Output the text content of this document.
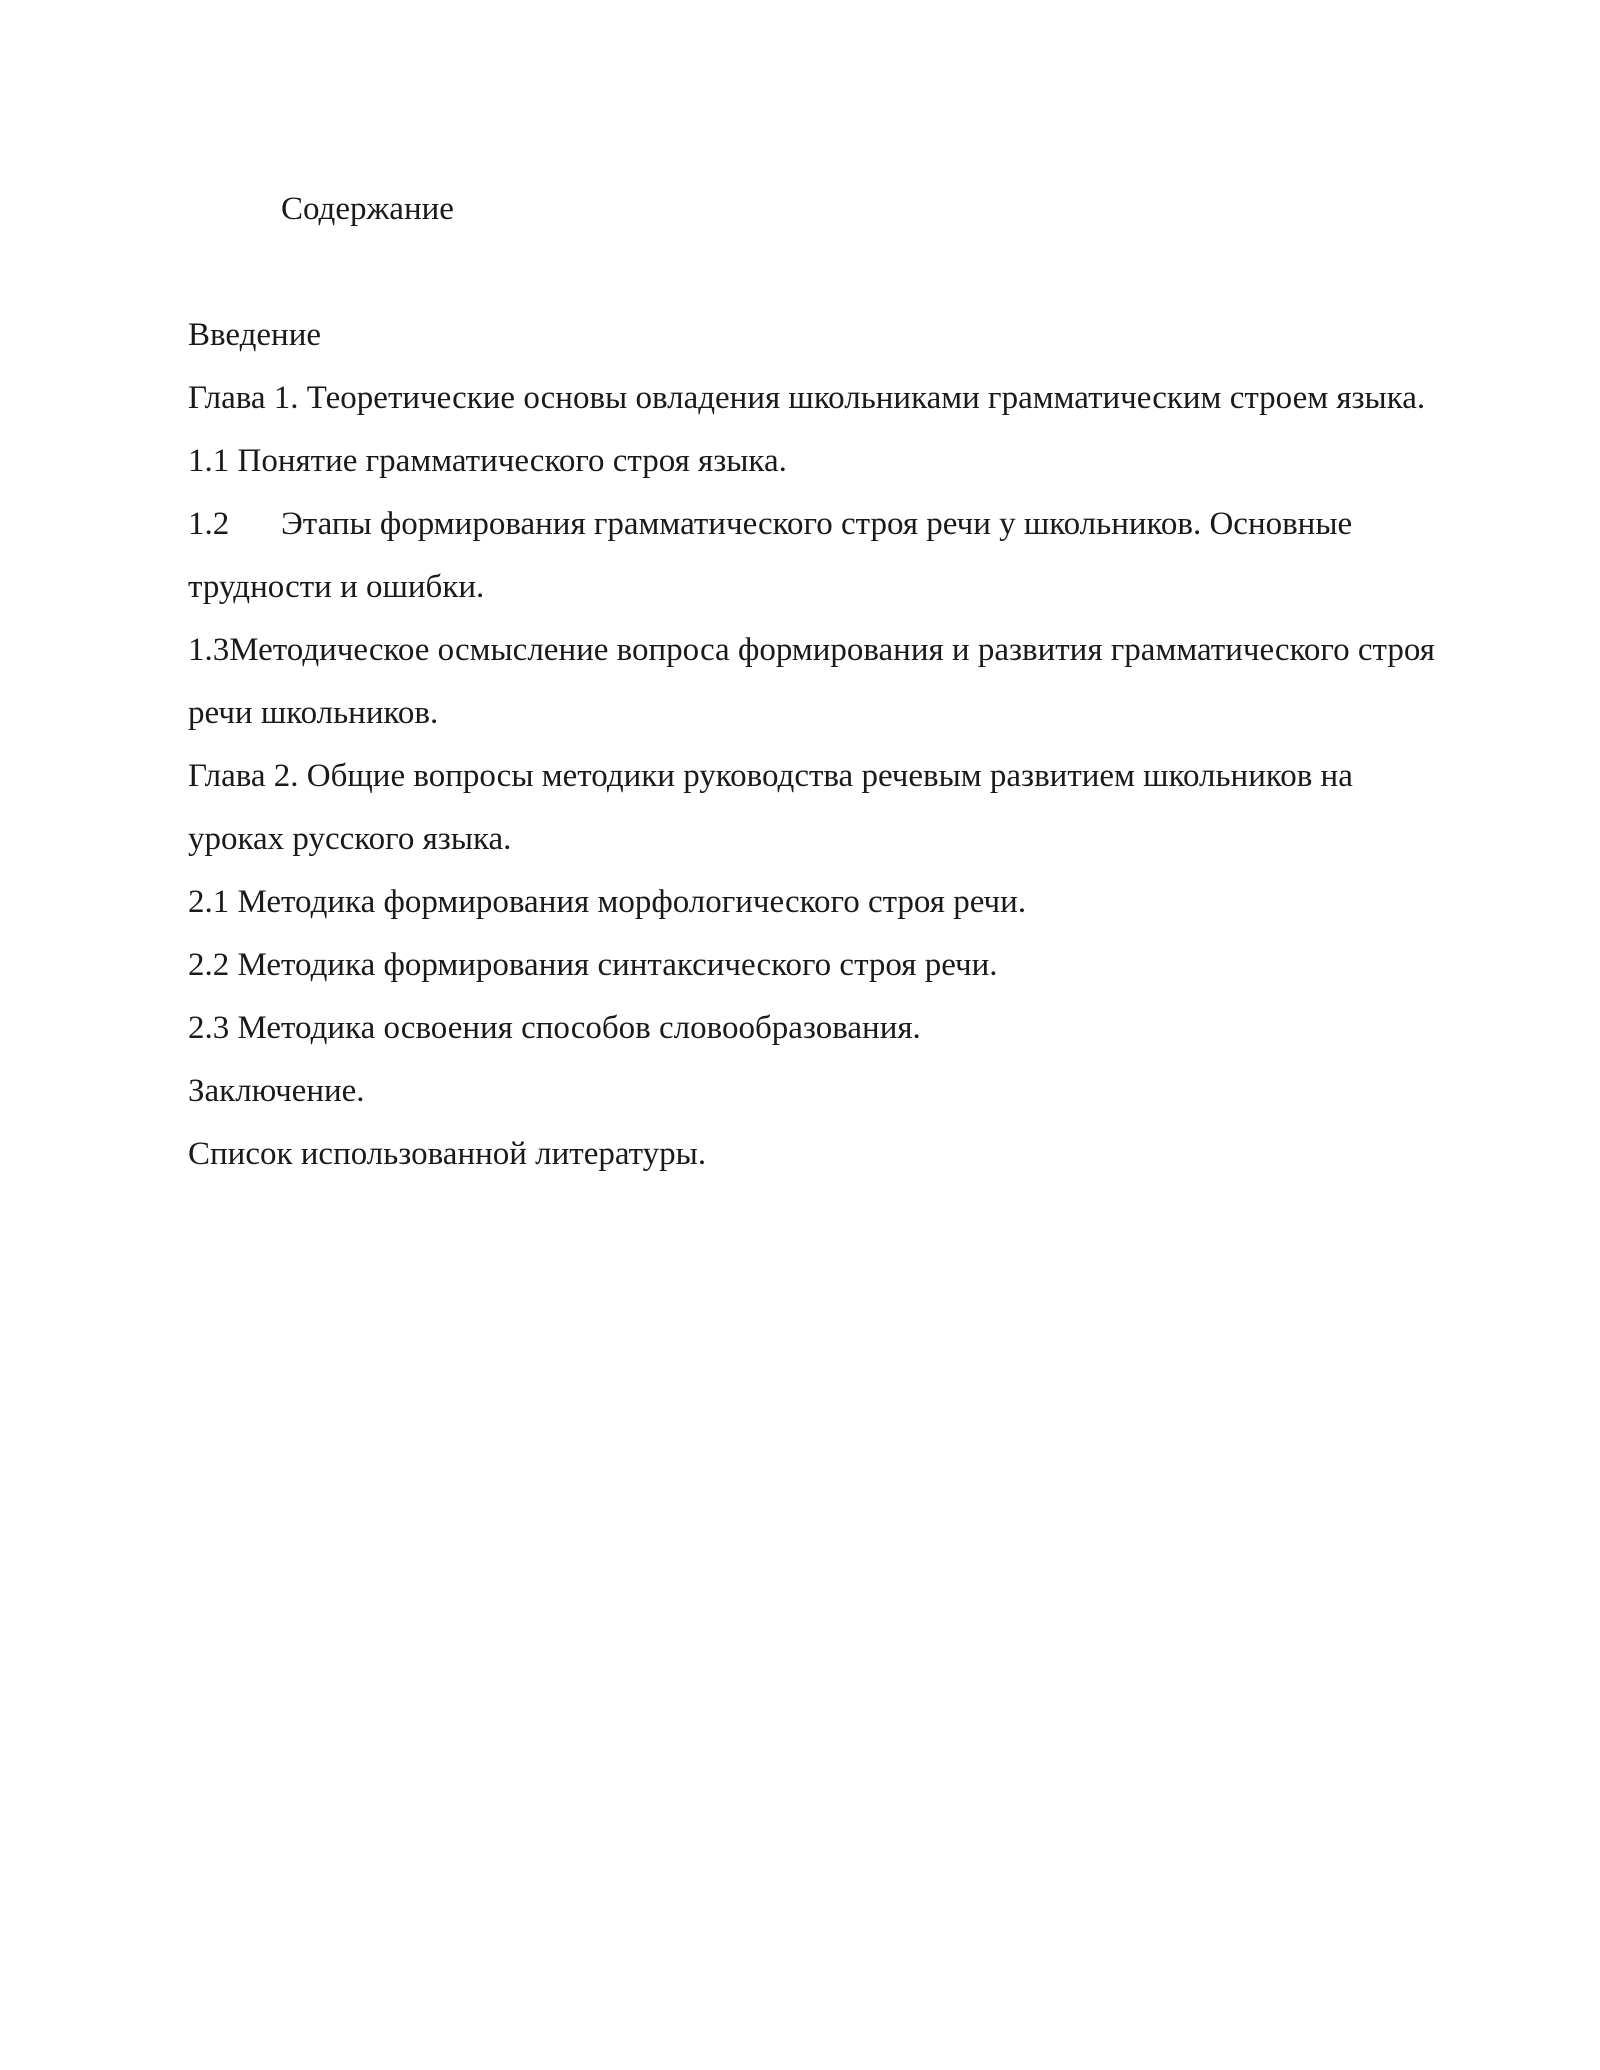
Содержание
Введение
Глава 1. Теоретические основы овладения школьниками грамматическим строем языка.
1.1 Понятие грамматического строя языка.
1.2 Этапы формирования грамматического строя речи у школьников. Основные трудности и ошибки.
1.3Методическое осмысление вопроса формирования и развития грамматического строя речи школьников.
Глава 2. Общие вопросы методики руководства речевым развитием школьников на уроках русского языка.
2.1 Методика формирования морфологического строя речи.
2.2 Методика формирования синтаксического строя речи.
2.3 Методика освоения способов словообразования.
Заключение.
Список использованной литературы.
